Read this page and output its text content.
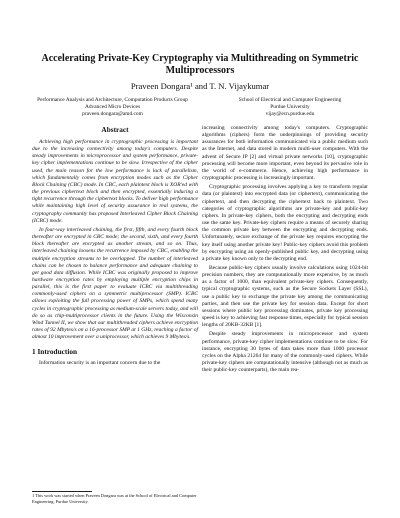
Accelerating Private-Key Cryptography via Multithreading on Symmetric Multiprocessors
Praveen Dongara¹ and T. N. Vijaykumar
Performance Analysis and Architecture, Computation Products Group
Advanced Micro Devices
praveen.dongara@amd.com
School of Electrical and Computer Engineering
Purdue University
vijay@ecn.purdue.edu
Abstract

Achieving high performance in cryptographic processing is important due to the increasing connectivity among today's computers. Despite steady improvements in microprocessor and system performance, private-key cipher implementations continue to be slow. Irrespective of the cipher used, the main reason for the low performance is lack of parallelism, which fundamentally comes from encryption modes such as the Cipher Block Chaining (CBC) mode. In CBC, each plaintext block is XOR'ed with the previous ciphertext block and then encrypted, essentially inducing a tight recurrence through the ciphertext blocks. To deliver high performance while maintaining high level of security assurance in real systems, the cryptography community has proposed Interleaved Cipher Block Chaining (ICBC) mode.

In four-way interleaved chaining, the first, fifth, and every fourth block thereafter are encrypted in CBC mode; the second, sixth, and every fourth block thereafter are encrypted as another stream, and so on. Thus, interleaved chaining loosens the recurrence imposed by CBC, enabling the multiple encryption streams to be overlapped. The number of interleaved chains can be chosen to balance performance and adequate chaining to get good data diffusion. While ICBC was originally proposed to improve hardware encryption rates by employing multiple encryption chips in parallel, this is the first paper to evaluate ICBC via multithreading commonly-used ciphers on a symmetric multiprocessor (SMP). ICBC allows exploiting the full processing power of SMPs, which spend many cycles in cryptographic processing as medium-scale servers today, and will do so as chip-multiprocessor clients in the future. Using the Wisconsin Wind Tunnel II, we show that our multithreaded ciphers achieve encryption rates of 92 Mbytes/s on a 16-processor SMP at 1 GHz, reaching a factor of almost 10 improvement over a uniprocessor, which achieves 9 Mbytes/s.

1 Introduction

Information security is an important concern due to the

1 This work was started when Praveen Dongara was at the School of Electrical and Computer Engineering, Purdue University.

increasing connectivity among today's computers. Cryptographic algorithms (ciphers) form the underpinnings of providing security assurances for both information communicated via a public medium such as the Internet, and data stored in modern multi-user computers. With the advent of Secure IP [2] and virtual private networks [10], cryptographic processing will become more important, even beyond its pervasive role in the world of e-commerce. Hence, achieving high performance in cryptographic processing is increasingly important.

Cryptographic processing involves applying a key to transform regular data (or plaintext) into encrypted data (or ciphertext), communicating the ciphertext, and then decrypting the ciphertext back to plaintext. Two categories of cryptographic algorithms are private-key and public-key ciphers. In private-key ciphers, both the encrypting and decrypting ends use the same key. Private-key ciphers require a means of securely sharing the common private key between the encrypting and decrypting ends. Unfortunately, secure exchange of the private key requires encrypting the key itself using another private key! Public-key ciphers avoid this problem by encrypting using an openly-published public key, and decrypting using a private key known only to the decrypting end.

Because public-key ciphers usually involve calculations using 1024-bit precision numbers, they are computationally more expensive, by as much as a factor of 1000, than equivalent private-key ciphers. Consequently, typical cryptographic systems, such as the Secure Sockets Layer (SSL), use a public key to exchange the private key among the communicating parties, and then use the private key for session data. Except for short sessions where public key processing dominates, private key processing speed is key to achieving fast response times, especially for typical session lengths of 20KB-32KB [1].

Despite steady improvements in microprocessor and system performance, private-key cipher implementations continue to be slow. For instance, encrypting 30 bytes of data takes more than 1000 processor cycles on the Alpha 21264 for many of the commonly-used ciphers. While private-key ciphers are computationally intensive (although not as much as their public-key counterparts), the main rea-
